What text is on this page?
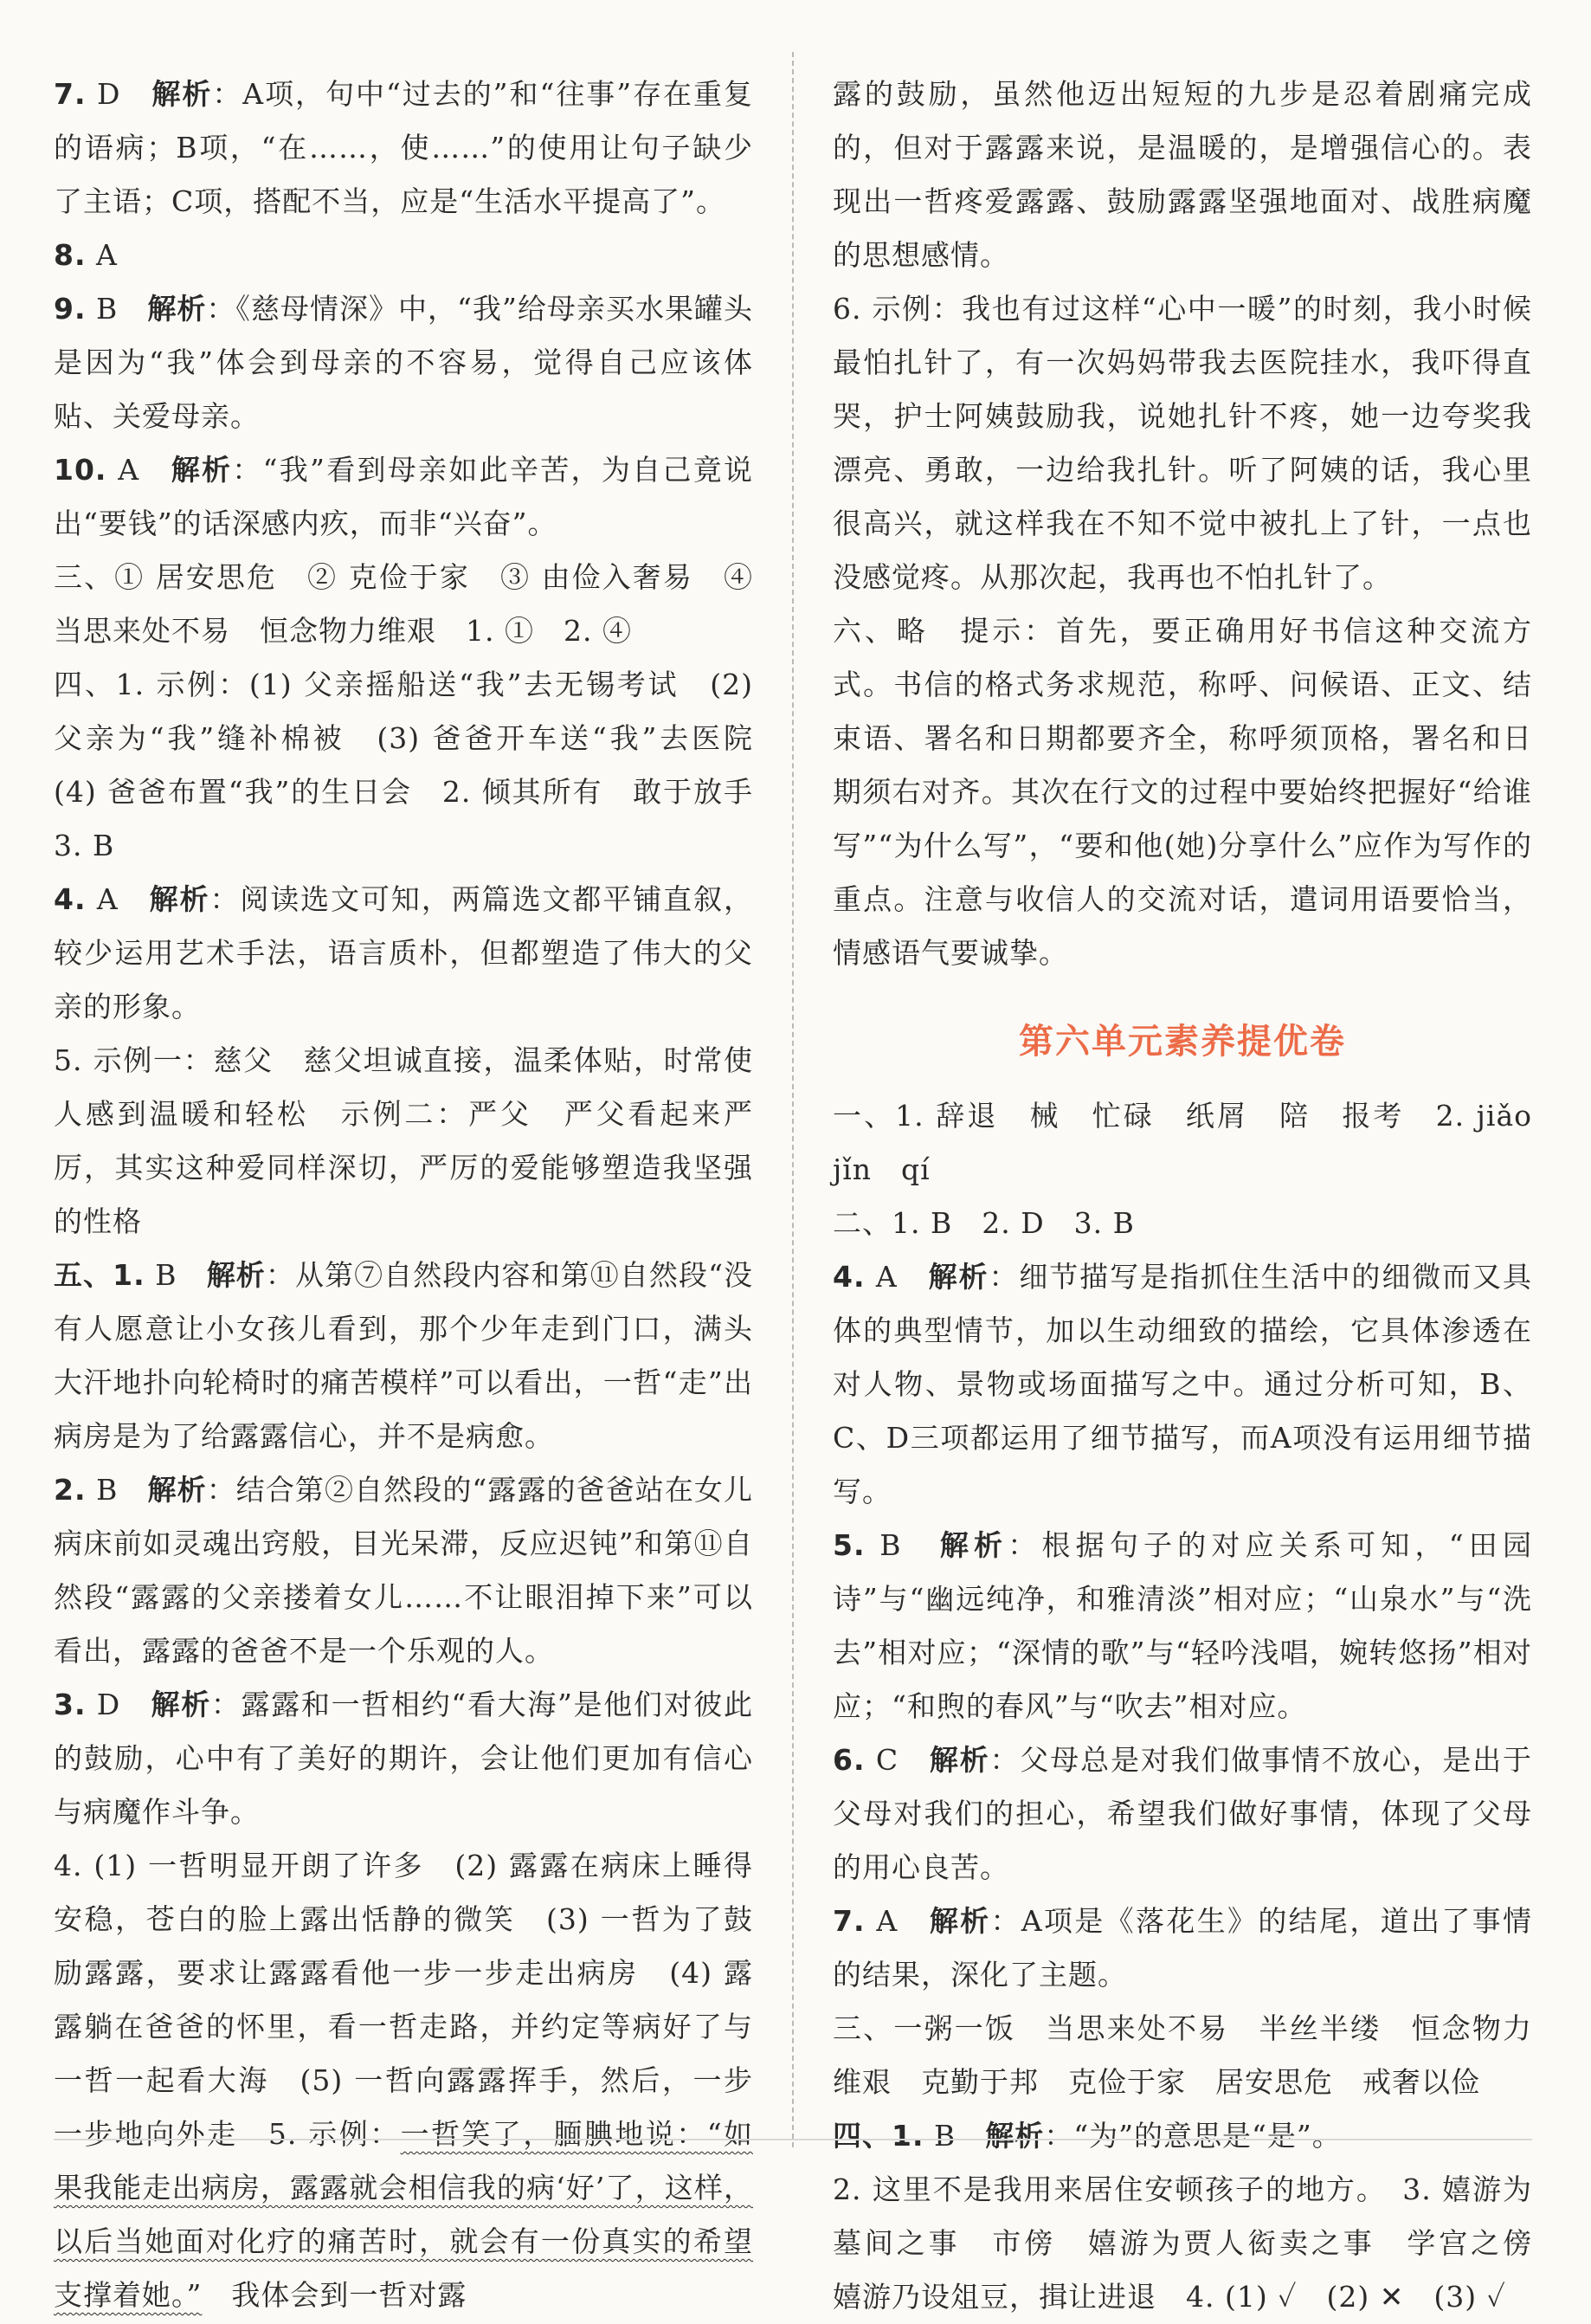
7. D　 解析：A项，句中“过去的”和“往事”存在重复的语病；B项，“在……，使……”的使用让句子缺少了主语；C项，搭配不当，应是“生活水平提高了”。

8. A

9. B　 解析：《慈母情深》中，“我”给母亲买水果罐头是因为“我”体会到母亲的不容易，觉得自己应该体贴、关爱母亲。

10. A　 解析：“我”看到母亲如此辛苦，为自己竟说出“要钱”的话深感内疚，而非“兴奋”。

三、① 居安思危　② 克俭于家　③ 由俭入奢易　④ 当思来处不易　恒念物力维艰　1. ①　2. ④

四、1. 示例：(1) 父亲摇船送“我”去无锡考试　(2) 父亲为“我”缝补棉被　(3) 爸爸开车送“我”去医院　(4) 爸爸布置“我”的生日会　2. 倾其所有　敢于放手　3. B

4. A　 解析：阅读选文可知，两篇选文都平铺直叙，较少运用艺术手法，语言质朴，但都塑造了伟大的父亲的形象。

5. 示例一：慈父　慈父坦诚直接，温柔体贴，时常使人感到温暖和轻松　示例二：严父　严父看起来严厉，其实这种爱同样深切，严厉的爱能够塑造我坚强的性格

五、1. B　 解析：从第⑦自然段内容和第⑪自然段“没有人愿意让小女孩儿看到，那个少年走到门口，满头大汗地扑向轮椅时的痛苦模样”可以看出，一哲“走”出病房是为了给露露信心，并不是病愈。

2. B　 解析：结合第②自然段的“露露的爸爸站在女儿病床前如灵魂出窍般，目光呆滞，反应迟钝”和第⑪自然段“露露的父亲搂着女儿……不让眼泪掉下来”可以看出，露露的爸爸不是一个乐观的人。

3. D　 解析：露露和一哲相约“看大海”是他们对彼此的鼓励，心中有了美好的期许，会让他们更加有信心与病魔作斗争。

4. (1) 一哲明显开朗了许多　(2) 露露在病床上睡得安稳，苍白的脸上露出恬静的微笑　(3) 一哲为了鼓励露露，要求让露露看他一步一步走出病房　(4) 露露躺在爸爸的怀里，看一哲走路，并约定等病好了与一哲一起看大海　(5) 一哲向露露挥手，然后，一步一步地向外走　 5. 示例：一哲笑了，腼腆地说：“如果我能走出病房，露露就会相信我的病‘好’了，这样，以后当她面对化疗的痛苦时，就会有一份真实的希望支撑着她。”　我体会到一哲对露

露的鼓励，虽然他迈出短短的九步是忍着剧痛完成的，但对于露露来说，是温暖的，是增强信心的。表现出一哲疼爱露露、鼓励露露坚强地面对、战胜病魔的思想感情。

6. 示例：我也有过这样“心中一暖”的时刻，我小时候最怕扎针了，有一次妈妈带我去医院挂水，我吓得直哭，护士阿姨鼓励我，说她扎针不疼，她一边夸奖我漂亮、勇敢，一边给我扎针。听了阿姨的话，我心里很高兴，就这样我在不知不觉中被扎上了针，一点也没感觉疼。从那次起，我再也不怕扎针了。

六、略　提示：首先，要正确用好书信这种交流方式。书信的格式务求规范，称呼、问候语、正文、结束语、署名和日期都要齐全，称呼须顶格，署名和日期须右对齐。其次在行文的过程中要始终把握好“给谁写”“为什么写”，“要和他(她)分享什么”应作为写作的重点。注意与收信人的交流对话，遣词用语要恰当，情感语气要诚挚。

第六单元素养提优卷

一、1. 辞退　械　忙碌　纸屑　陪　报考　2. jiǎo　jǐn　qí

二、1. B　2. D　3. B

4. A　 解析：细节描写是指抓住生活中的细微而又具体的典型情节，加以生动细致的描绘，它具体渗透在对人物、景物或场面描写之中。通过分析可知，B、C、D三项都运用了细节描写，而A项没有运用细节描写。

5. B　 解析：根据句子的对应关系可知，“田园诗”与“幽远纯净，和雅清淡”相对应；“山泉水”与“洗去”相对应；“深情的歌”与“轻吟浅唱，婉转悠扬”相对应；“和煦的春风”与“吹去”相对应。

6. C　 解析：父母总是对我们做事情不放心，是出于父母对我们的担心，希望我们做好事情，体现了父母的用心良苦。

7. A　 解析：A项是《落花生》的结尾，道出了事情的结果，深化了主题。

三、一粥一饭　当思来处不易　半丝半缕　恒念物力维艰　克勤于邦　克俭于家　居安思危　戒奢以俭

四、1. B　 解析：“为”的意思是“是”。

2. 这里不是我用来居住安顿孩子的地方。　3. 嬉游为墓间之事　市傍　嬉游为贾人衒卖之事　学宫之傍　嬉游乃设俎豆，揖让进退　4. (1) ✓　(2) ✕　(3) ✓
